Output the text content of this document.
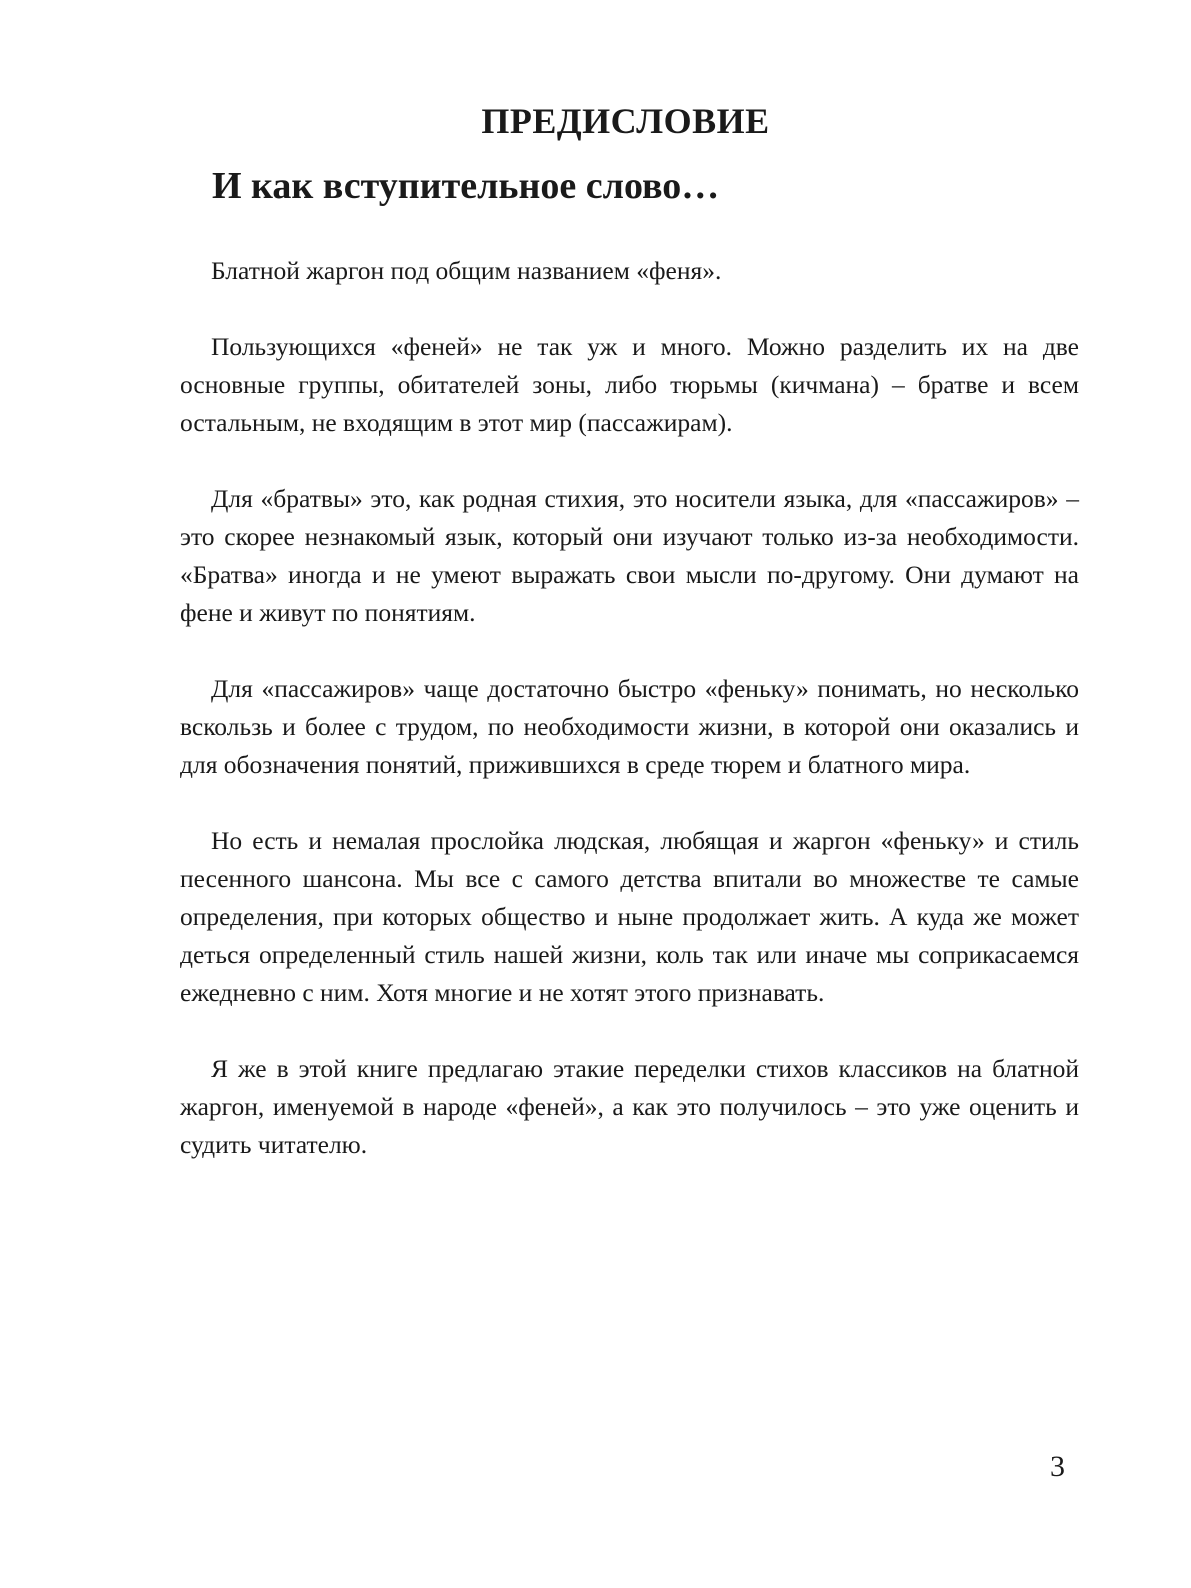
ПРЕДИСЛОВИЕ
И как вступительное слово…

Блатной жаргон под общим названием «феня».

Пользующихся «феней» не так уж и много. Можно разделить их на две основные группы, обитателей зоны, либо тюрьмы (кичмана) – братве и всем остальным, не входящим в этот мир (пассажирам).

Для «братвы» это, как родная стихия, это носители языка, для «пассажиров» – это скорее незнакомый язык, который они изучают только из-за необходимости. «Братва» иногда и не умеют выражать свои мысли по-другому. Они думают на фене и живут по понятиям.

Для «пассажиров» чаще достаточно быстро «феньку» понимать, но несколько вскользь и более с трудом, по необходимости жизни, в которой они оказались и для обозначения понятий, прижившихся в среде тюрем и блатного мира.

Но есть и немалая прослойка людская, любящая и жаргон «феньку» и стиль песенного шансона. Мы все с самого детства впитали во множестве те самые определения, при которых общество и ныне продолжает жить. А куда же может деться определенный стиль нашей жизни, коль так или иначе мы соприкасаемся ежедневно с ним. Хотя многие и не хотят этого признавать.

Я же в этой книге предлагаю этакие переделки стихов классиков на блатной жаргон, именуемой в народе «феней», а как это получилось – это уже оценить и судить читателю.

3
